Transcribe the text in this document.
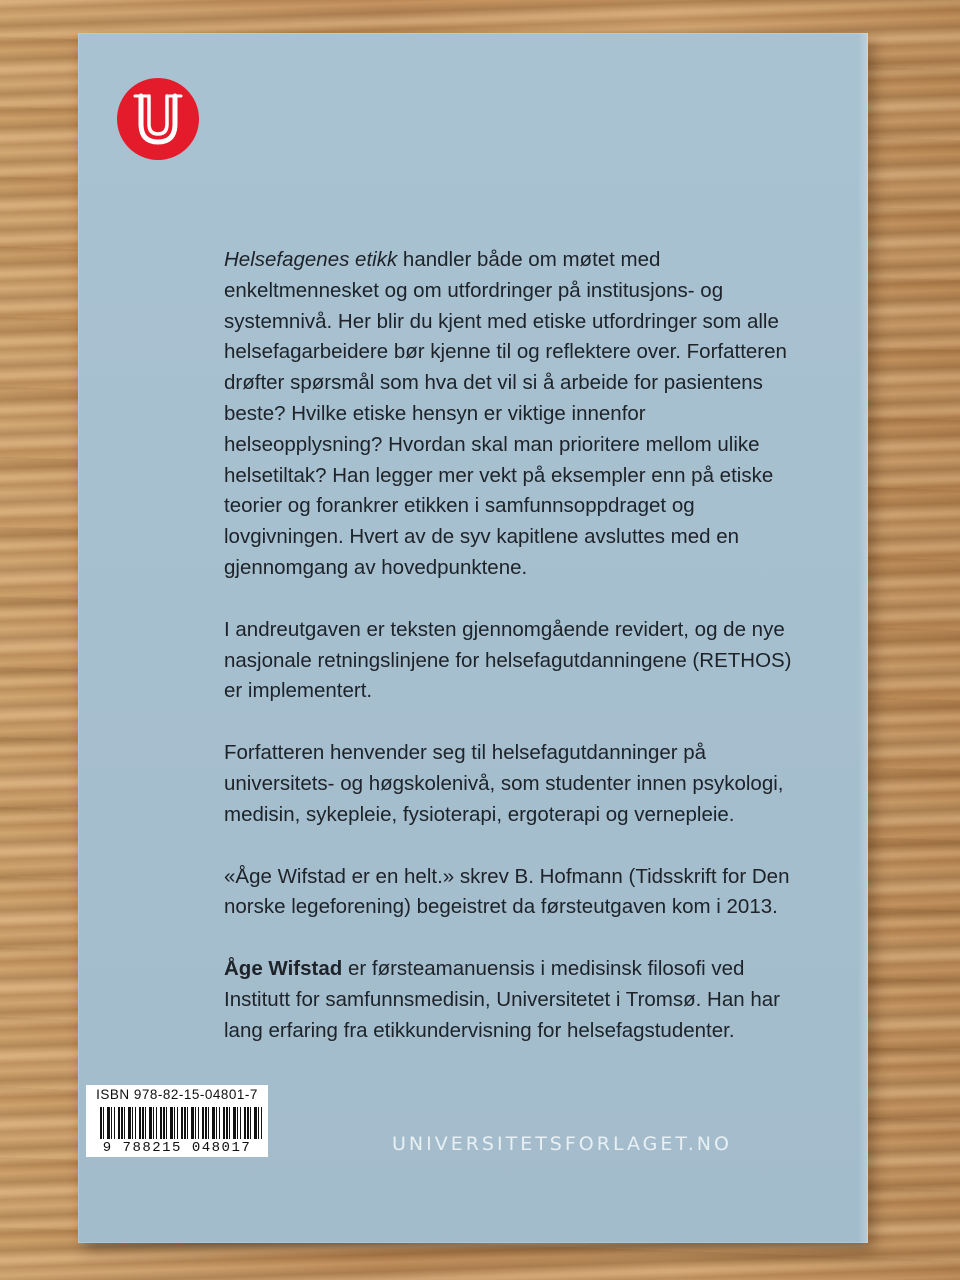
Helsefagenes etikk handler både om møtet med enkeltmennesket og om utfordringer på institusjons- og systemnivå. Her blir du kjent med etiske utfordringer som alle helsefagarbeidere bør kjenne til og reflektere over. Forfatteren drøfter spørsmål som hva det vil si å arbeide for pasientens beste? Hvilke etiske hensyn er viktige innenfor helseopplysning? Hvordan skal man prioritere mellom ulike helsetiltak? Han legger mer vekt på eksempler enn på etiske teorier og forankrer etikken i samfunnsoppdraget og lovgivningen. Hvert av de syv kapitlene avsluttes med en gjennomgang av hovedpunktene.

I andreutgaven er teksten gjennomgående revidert, og de nye nasjonale retningslinjene for helsefagutdanningene (RETHOS) er implementert.

Forfatteren henvender seg til helsefagutdanninger på universitets- og høgskolenivå, som studenter innen psykologi, medisin, sykepleie, fysioterapi, ergoterapi og vernepleie.

«Åge Wifstad er en helt.» skrev B. Hofmann (Tidsskrift for Den norske legeforening) begeistret da førsteutgaven kom i 2013.

Åge Wifstad er førsteamanuensis i medisinsk filosofi ved Institutt for samfunnsmedisin, Universitetet i Tromsø. Han har lang erfaring fra etikkundervisning for helsefagstudenter.

ISBN 978-82-15-04801-7
9 788215 048017	UNIVERSITETSFORLAGET.NO
